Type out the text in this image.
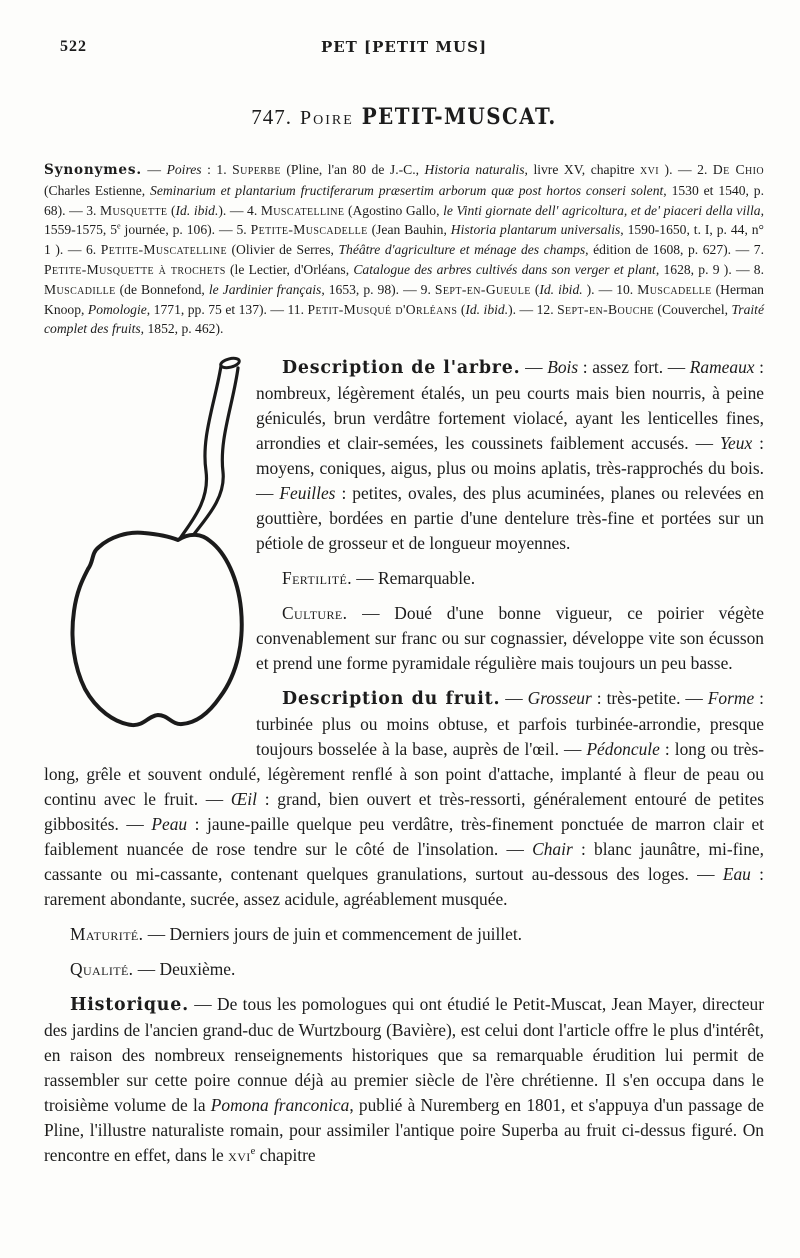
522	PET [PETIT MUS]
747. Poire PETIT-MUSCAT.

Synonymes. — Poires : 1. Superbe (Pline, l'an 80 de J.-C., Historia naturalis, livre XV, chapitre xvi ). — 2. De Chio (Charles Estienne, Seminarium et plantarium fructiferarum præsertim arborum quæ post hortos conseri solent, 1530 et 1540, p. 68). — 3. Musquette (Id. ibid.). — 4. Muscatelline (Agostino Gallo, le Vinti giornate dell' agricoltura, et de' piaceri della villa, 1559-1575, 5e journée, p. 106). — 5. Petite-Muscadelle (Jean Bauhin, Historia plantarum universalis, 1590-1650, t. I, p. 44, n° 1 ). — 6. Petite-Muscatelline (Olivier de Serres, Théâtre d'agriculture et ménage des champs, édition de 1608, p. 627). — 7. Petite-Musquette à trochets (le Lectier, d'Orléans, Catalogue des arbres cultivés dans son verger et plant, 1628, p. 9 ). — 8. Muscadille (de Bonnefond, le Jardinier français, 1653, p. 98). — 9. Sept-en-Gueule (Id. ibid. ). — 10. Muscadelle (Herman Knoop, Pomologie, 1771, pp. 75 et 137). — 11. Petit-Musqué d'Orléans (Id. ibid.). — 12. Sept-en-Bouche (Couverchel, Traité complet des fruits, 1852, p. 462).

Description de l'arbre. — Bois : assez fort. — Rameaux : nombreux, légèrement étalés, un peu courts mais bien nourris, à peine géniculés, brun verdâtre fortement violacé, ayant les lenticelles fines, arrondies et clair-semées, les coussinets faiblement accusés. — Yeux : moyens, coniques, aigus, plus ou moins aplatis, très-rapprochés du bois. — Feuilles : petites, ovales, des plus acuminées, planes ou relevées en gouttière, bordées en partie d'une dentelure très-fine et portées sur un pétiole de grosseur et de longueur moyennes.

Fertilité. — Remarquable.

Culture. — Doué d'une bonne vigueur, ce poirier végète convenablement sur franc ou sur cognassier, développe vite son écusson et prend une forme pyramidale régulière mais toujours un peu basse.

Description du fruit. — Grosseur : très-petite. — Forme : turbinée plus ou moins obtuse, et parfois turbinée-arrondie, presque toujours bosselée à la base, auprès de l'œil. — Pédoncule : long ou très-long, grêle et souvent ondulé, légèrement renflé à son point d'attache, implanté à fleur de peau ou continu avec le fruit. — Œil : grand, bien ouvert et très-ressorti, généralement entouré de petites gibbosités. — Peau : jaune-paille quelque peu verdâtre, très-finement ponctuée de marron clair et faiblement nuancée de rose tendre sur le côté de l'insolation. — Chair : blanc jaunâtre, mi-fine, cassante ou mi-cassante, contenant quelques granulations, surtout au-dessous des loges. — Eau : rarement abondante, sucrée, assez acidule, agréablement musquée.

Maturité. — Derniers jours de juin et commencement de juillet.

Qualité. — Deuxième.

Historique. — De tous les pomologues qui ont étudié le Petit-Muscat, Jean Mayer, directeur des jardins de l'ancien grand-duc de Wurtzbourg (Bavière), est celui dont l'article offre le plus d'intérêt, en raison des nombreux renseignements historiques que sa remarquable érudition lui permit de rassembler sur cette poire connue déjà au premier siècle de l'ère chrétienne. Il s'en occupa dans le troisième volume de la Pomona franconica, publié à Nuremberg en 1801, et s'appuya d'un passage de Pline, l'illustre naturaliste romain, pour assimiler l'antique poire Superba au fruit ci-dessus figuré. On rencontre en effet, dans le xvi$^e$ chapitre
